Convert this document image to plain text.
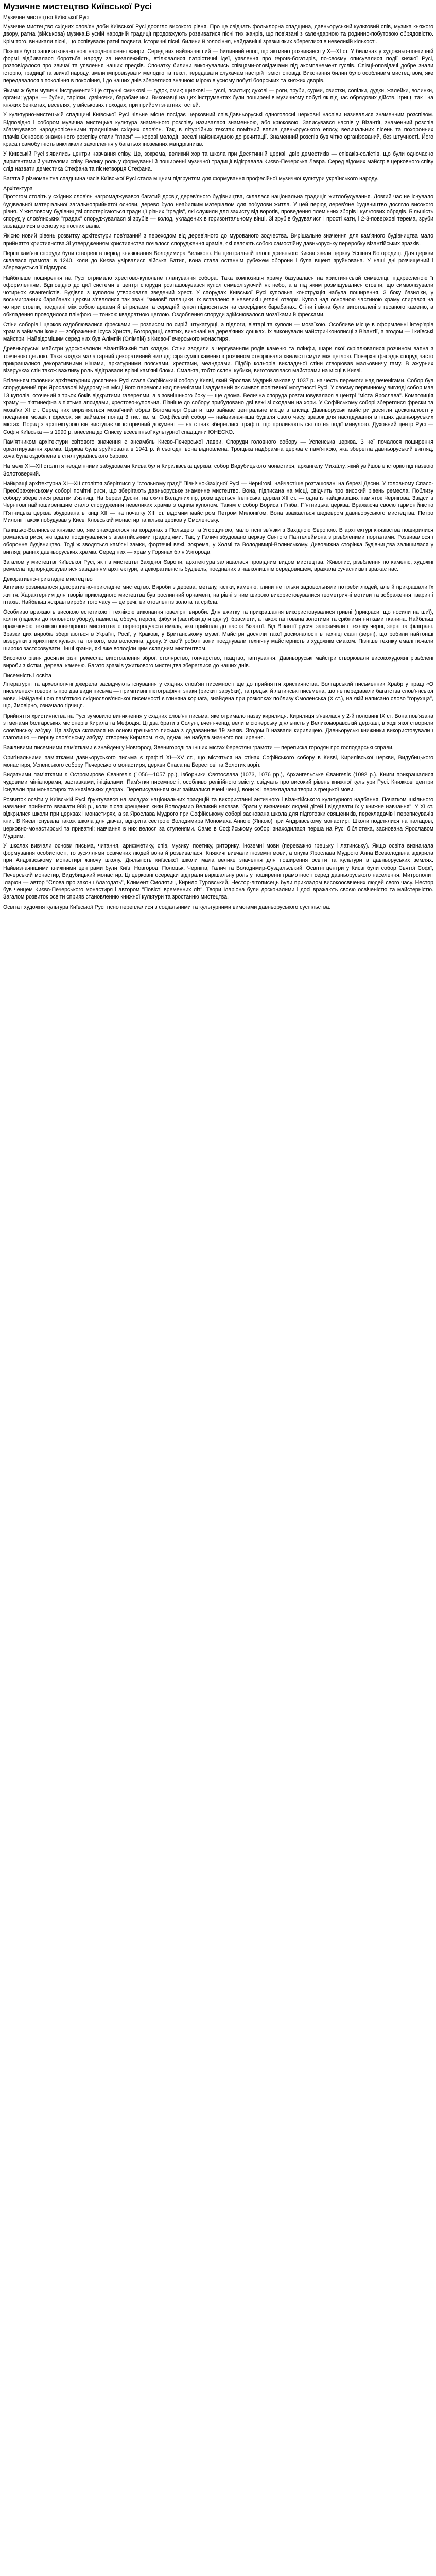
Музичне мистецтво Київської Русі
Музичне мистецтво Київської Русі

Музичне мистецтво східних слов'ян доби Київської Русі досягло високого рівня. Про це свідчать фольклорна спадщина, давньоруський культовий спів, музика княжого двору, ратна (військова) музика.В усній народній традиції продовжують розвиватися пісні тих жанрів, що пов'язані з календарною та родинно-побутовою обрядовістю. Крім того, виникали пісні, що оспівували ратні подвиги, історичні пісні, билини й голосіння, найдавніші зразки яких збереглися в невеликій кількості.

Пізніше було започатковано нові народнопісенні жанри. Серед них найзначніший — билинний епос, що активно розвивався у X—XI ст. У билинах у художньо-поетичній формі відбивалася боротьба народу за незалежність, втілювалися патріотичні ідеї, уявлення про героїв-богатирів, по-своєму описувалися події княжої Русі, розповідалося про звичаї та уявлення наших предків. Спочатку билини виконувались співцями-оповідачами під акомпанемент гуслів. Співці-оповідачі добре знали історію, традиції та звичаї народу, вміли імпровізувати мелодію та текст, передавати слухачам настрій і зміст оповіді. Виконання билин було особливим мистецтвом, яке передавалося з покоління в покоління, і до наших днів збереглися значною мірою в усному побуті боярських та княжих дворів.

Якими ж були музичні інструменти? Це струнні смичкові — гудок, смик; щипкові — гуслі, псалтир; духові — роги, труби, сурми, свистки, сопілки, дудки, жалейки, волинки, органи; ударні — бубни, тарілки, дзвіночки, барабанчики. Виконавці на цих інструментах були поширені в музичному побуті як під час обрядових дійств, ігрищ, так і на княжих бенкетах, весіллях, у військових походах, при прийомі знатних гостей.

У культурно-мистецькій спадщині Київської Русі чільне місце посідає церковний спів.Давньоруські одноголосні церковні наспіви називалися знаменним розспівом. Відповідно і собором музична мистецька культура знаменного розспіву називалася знаменною, або крюковою. Записувався наспів у Візантії, знаменний розспів збагачувався народнопісенними традиціями східних слов'ян. Так, в літургійних текстах помітний вплив давньоруського епосу, величальних пісень та похоронних плачів.Основою знаменного розспіву стали "гласи" — корові мелодії, веселі найзначущою до речитації. Знаменний розспів був чітко організований, без штучності. Його краса і самобутність викликали захоплення у багатьох іноземних мандрівників.

У Київській Русі з'явились центри навчання співу. Це, зокрема, великий хор та школа при Десятинній церкві, двір деместиків — співаків-солістів, що були одночасно диригентами й учителями співу. Велику роль у формуванні й поширенні музичної традиції відігравала Києво-Печерська Лавра. Серед відомих майстрів церковного співу слід назвати деместика Стефана та піснетворця Стефана.

Багата й різноманітна спадщина часів Київської Русі стала міцним підґрунтям для формування професійної музичної культури українського народу.

Архітектура

Протягом століть у східних слов'ян нагромаджувався багатий досвід дерев'яного будівництва, склалася національна традиція житлобудування. Довгий час не існувало будівельної матеріальної загальноприйнятої основи, дерево було неабияким матеріалом для побудови житла. У цей період дерев'яне будівництво досягло високого рівня. У житловому будівництві спостерігаються традиції різних "градів", які служили для захисту від ворогів, проведення племінних зборів і культових обрядів. Більшість споруд у слов'янських "градах" споруджувалася зі зрубів — колод, укладених в горизонтальному вінці. Зі зрубів будувалися і прості хати, і 2-3-поверхові терема, зруби закладалися в основу кріпосних валів.

Якісно новий рівень розвитку архітектури пов'язаний з переходом від дерев'яного до мурованого зодчества. Вирішальне значення для кам'яного будівництва мало прийняття християнства.Зі утвердженням християнства почалося спорудження храмів, які являють собою самостійну давньоруську переробку візантійських зразків.

Перші кам'яні споруди були створені в період князювання Володимира Великого. На центральній площі древнього Києва звели церкву Успіння Богородиці. Для церкви склалася грамота: в 1240, коли до Києва увірвалися війська Батия, вона стала останнім рубежем оборони і була вщент зруйнована. У наші дні розчищений і збережується її підмурок.

Найбільше поширення на Русі отримало хрестово-купольне планування собора. Така композиція храму базувалася на християнській символіці, підкресленою її оформленням. Відповідно до цієї системи в центрі споруди розташовувався купол символізуючий як небо, а в під яким розміщувалися стовпи, що символізували чотирьох євангелістів. Будівля з куполом утворювала зведений хрест. У спорудах Київської Русі купольна конструкція набула поширення. З боку базиліки, у восьмигранних барабанах церкви з'являлися так звані "зимові" палацики, їх вставлено в невеликі цегляні отвори. Купол над основною частиною храму спирався на чотири стовпи, поєднані між собою арками й вітрилами, а середній купол підноситься на своєрідних барабанах. Стіни і вікна були виготовлені з тесаного каменю, а обкладення проводилося плінфою — тонкою квадратною цеглою. Оздоблення споруди здійснювалося мозаїками й фресками.

Стіни соборів і церков оздоблювалися фресками — розписом по сирій штукатурці, а підлоги, вівтарі та куполи — мозаїкою. Особливе місце в оформленні інтер'єрів храмів займали ікони — зображення Ісуса Христа, Богородиці, святих, виконані на дерев'яних дошках. Їх виконували майстри-іконописці з Візантії, а згодом — і київські майстри. Найвідомішим серед них був Алімпій (Олімпій) з Києво-Печерського монастиря.

Древньоруські майстри удосконалили візантійський тип кладки. Стіни зводили з чергуванням рядів каменю та плінфи, шари якої скріплювалися розчином вапна з товченою цеглою. Така кладка мала гарний декоративний вигляд: сіра суміш каменю з розчином створювала хвилясті смуги між цеглою. Поверхні фасадів споруд часто прикрашалися декоративними нішами, аркатурними поясками, хрестами, меандрами. Підбір кольорів викладеної стіни створював мальовничу гаму. В ажурних візерунках стін також важливу роль відігравали врізні кам'яні блоки. Смальта, тобто скляні кубики, виготовлялася майстрами на місці в Києві.

Втіленням головних архітектурних досягнень Русі стала Софійський собор у Києві, який Ярослав Мудрий заклав у 1037 р. на честь перемоги над печенігами. Собор був споруджений при Ярославові Мудрому на місці його перемоги над печенігами і задуманий як символ політичної могутності Русі. У своєму первинному вигляді собор мав 13 куполів, оточений з трьох боків відкритими галереями, а з зовнішнього боку — ще двома. Велична споруда розташовувалася в центрі "міста Ярослава". Композиція храму — п'ятинефна з п'ятьма апсидами, хрестово-купольна. Пізніше до собору прибудовано дві вежі зі сходами на хори. У Софійському соборі збереглися фрески та мозаїки XI ст. Серед них вирізняється мозаїчний образ Богоматері Оранти, що займає центральне місце в апсиді. Давньоруські майстри досягли досконалості у поєднанні мозаїк і фресок, які займали понад 3 тис. кв. м. Софійський собор — найвизначніша будівля свого часу, зразок для наслідування в інших давньоруських містах. Поряд з архітектурою він виступає як історичний документ — на стінах збереглися графіті, що проливають світло на події минулого. Духовний центр Русі — Софія Київська — з 1990 р. внесена до Списку всесвітньої культурної спадщини ЮНЕСКО.

Пам'ятником архітектури світового значення є ансамбль Києво-Печерської лаври. Споруди головного собору — Успенська церква. З неї почалося поширення орієнтирування храмів. Церква була зруйнована в 1941 р. й сьогодні вона відновлена. Троїцька надбрамна церква є пам'яткою, яка зберегла давньоруський вигляд, хоча була оздоблена в стилі українського бароко.

На межі XI—XII століття неодмінними забудовами Києва були Кирилівська церква, собор Видубицького монастиря, архангелу Михаїлу, який увійшов в історію під назвою Золотоверхий.

Найкращі архітектурна XI—XII століття зберіглися у "стольному граді" Північно-Західної Русі — Чернігові, найчастіше розташовані на березі Десни. У головному Спасо-Преображенському соборі помітні риси, що зберігають давньоруське знаменне мистецтво. Вона, підписана на місці, свідчить про високий рівень ремесла. Поблизу собору збереглися рештки в'язниці. На березі Десни, на схилі Болдиних гір, розміщується Іллінська церква XII ст. — одна із найцікавіших пам'яток Чернігова. Звідси в Чернігові найпоширенішим стало спорудження невеликих храмів з одним куполом. Таким є собор Бориса і Гліба, П'ятницька церква. Вражаюча своєю гармонійністю П'ятницька церква збудована в кінці XII — на початку XIII ст. відомим майстром Петром Милоніґом. Вона вважається шедевром давньоруського мистецтва. Петро Милоніг також побудував у Києві Кловський монастир та кілька церков у Смоленську.

Галицько-Волинське князівство, яке знаходилося на кордонах з Польщею та Угорщиною, мало тісні зв'язки з Західною Європою. В архітектурі князівства поширилися романські риси, які вдало поєднувалися з візантійськими традиціями. Так, у Галичі збудовано церкву Святого Пантелеймона з різьбленими порталами. Розвивалося і оборонне будівництво. Тоді ж зводяться кам'яні замки, фортечні вежі, зокрема, у Холмі та Володимирі-Волинському. Дивовижна сторінка будівництва залишилася у вигляді ранніх давньоруських храмів. Серед них — храм у Горянах біля Ужгорода.

Загалом у мистецтві Київської Русі, як і в мистецтві Західної Європи, архітектура залишалася провідним видом мистецтва. Живопис, різьблення по каменю, художні ремесла підпорядковувалися завданням архітектури, а декоративність будівель, поєднаних з навколишнім середовищем, вражала сучасників і вражає нас.

Декоративно-прикладне мистецтво

Активно розвивалося декоративно-прикладне мистецтво. Вироби з дерева, металу, кістки, каменю, глини не тільки задовольняли потреби людей, але й прикрашали їх життя. Характерним для творів прикладного мистецтва був рослинний орнамент, на рівні з ним широко використовувалися геометричні мотиви та зображення тварин і птахів. Найбільш яскраві вироби того часу — це речі, виготовлені із золота та срібла.

Особливо вражають високою естетикою і технікою виконання ювелірні вироби. Для вжитку та прикрашання використовувалися гривні (прикраси, що носили на шиї), колти (підвіски до головного убору), намиста, обручі, персні, фібули (застібки для одягу), браслети, а також гаптована золотими та срібними нитками тканина. Найбільш вражаючою технікою ювелірного мистецтва є перегородчаста емаль, яка прийшла до нас із Візантії. Від Візантії русичі запозичили і техніку черні, зерні та філіграні. Зразки цих виробів зберігаються в Україні, Росії, у Кракові, у Британському музеї. Майстри досягли такої досконалості в техніці скані (зерні), що робили найтонші візерунки з крихітних кульок та тонкого, мов волосина, дроту. У своїй роботі вони поєднували технічну майстерність з художнім смаком. Пізніше техніку емалі почали широко застосовувати і інші країни, які вже володіли цим складним мистецтвом.

Високого рівня досягли різні ремесла: виготовлення зброї, столярство, гончарство, ткацтво, гаптування. Давньоруські майстри створювали високохудожні різьблені вироби з кістки, дерева, каменю. Багато зразків ужиткового мистецтва збереглися до наших днів.

Писемність і освіта

Літературні та археологічні джерела засвідчують існування у східних слов'ян писемності ще до прийняття християнства. Болгарський письменник Храбр у праці «О письменех» говорить про два види письма — примітивні піктографічні знаки (риски і зарубки), та грецькі й латинські письмена, що не передавали багатства слов'янської мови. Найдавнішою пам'яткою східнослов'янської писемності є глиняна корчага, знайдена при розкопках поблизу Смоленська (X ст.), на якій написано слово "горухща", що, ймовірно, означало гірчиця.

Прийняття християнства на Русі зумовило виникнення у східних слов'ян письма, яке отримало назву кирилиця. Кирилиця з'явилася у 2-й половині IX ст. Вона пов'язана з іменами болгарських місіонерів Кирила та Мефодія. Ці два брати з Солуні, вчені-ченці, вели місіонерську діяльність у Великоморавській державі, в ході якої створили слов'янську азбуку. Ця азбука склалася на основі грецького письма з додаванням 19 знаків. Згодом її назвали кирилицею. Давньоруські книжники використовували і глаголицю — першу слов'янську азбуку, створену Кирилом, яка, однак, не набула значного поширення.

Важливими писемними пам'ятками є знайдені у Новгороді, Звенигороді та інших містах берестяні грамоти — переписка городян про господарські справи.

Оригінальними пам'ятками давньоруського письма є графіті XI—XV ст., що містяться на стінах Софійського собору в Києві, Кирилівської церкви, Видубицького монастиря, Успенського собору Печерського монастиря, церкви Спаса на Берестові та Золотих воріт.

Видатними пам'ятками є Остромирове Євангеліє (1056—1057 рр.), Ізборники Святослава (1073, 1076 рр.), Архангельське Євангеліє (1092 р.). Книги прикрашалися чудовими мініатюрами, заставками, ініціалами. Пам'ятки писемності, особливо релігійного змісту, свідчать про високий рівень книжної культури Русі. Книжкові центри існували при монастирях та князівських дворах. Переписуванням книг займалися вчені ченці, вони ж і перекладали твори з грецької мови.

Розвиток освіти у Київській Русі ґрунтувався на засадах національних традицій та використанні античного і візантійського культурного надбання. Початком шкільного навчання прийнято вважати 988 р., коли після хрещення киян Володимир Великий наказав "брати у визначних людей дітей і віддавати їх у книжне навчання". У XI ст. відкрилися школи при церквах і монастирях, а за Ярослава Мудрого при Софійському соборі заснована школа для підготовки священиків, перекладачів і переписувачів книг. В Києві існувала також школа для дівчат, відкрита сестрою Володимира Мономаха Анною (Янкою) при Андріївському монастирі. Школи поділялися на палацові, церковно-монастирські та приватні; навчання в них велося за ступенями. Саме в Софійському соборі знаходилася перша на Русі бібліотека, заснована Ярославом Мудрим.

У школах вивчали основи письма, читання, арифметику, спів, музику, поетику, риторику, іноземні мови (переважно грецьку і латинську). Якщо освіта визначала формування особистості, то зусиллями освічених людей вона й розвивалася. Княжичі вивчали іноземні мови, а онука Ярослава Мудрого Анна Всеволодівна відкрила при Андріївському монастирі жіночу школу. Діяльність київської школи мала велике значення для поширення освіти та культури в давньоруських землях. Найвизначнішими книжними центрами були Київ, Новгород, Полоцьк, Чернігів, Галич та Володимир-Суздальський. Освітні центри у Києві були собор Святої Софії, Печерський монастир, Видубицький монастир. Ці церковні осередки відіграли вирішальну роль у поширенні грамотності серед давньоруського населення. Митрополит Іларіон — автор "Слова про закон і благодать", Климент Смолятич, Кирило Туровський, Нестор-літописець були прикладом високоосвічених людей свого часу. Нестор був ченцем Києво-Печерського монастиря і автором "Повісті временних літ". Твори Іларіона були досконалими і досі вражають своєю освіченістю та майстерністю. Загалом розвиток освіти сприяв становленню книжної культури та зростанню мистецтва.

Освіта і художня культура Київської Русі тісно переплелися з соціальними та культурними вимогами давньоруського суспільства.
